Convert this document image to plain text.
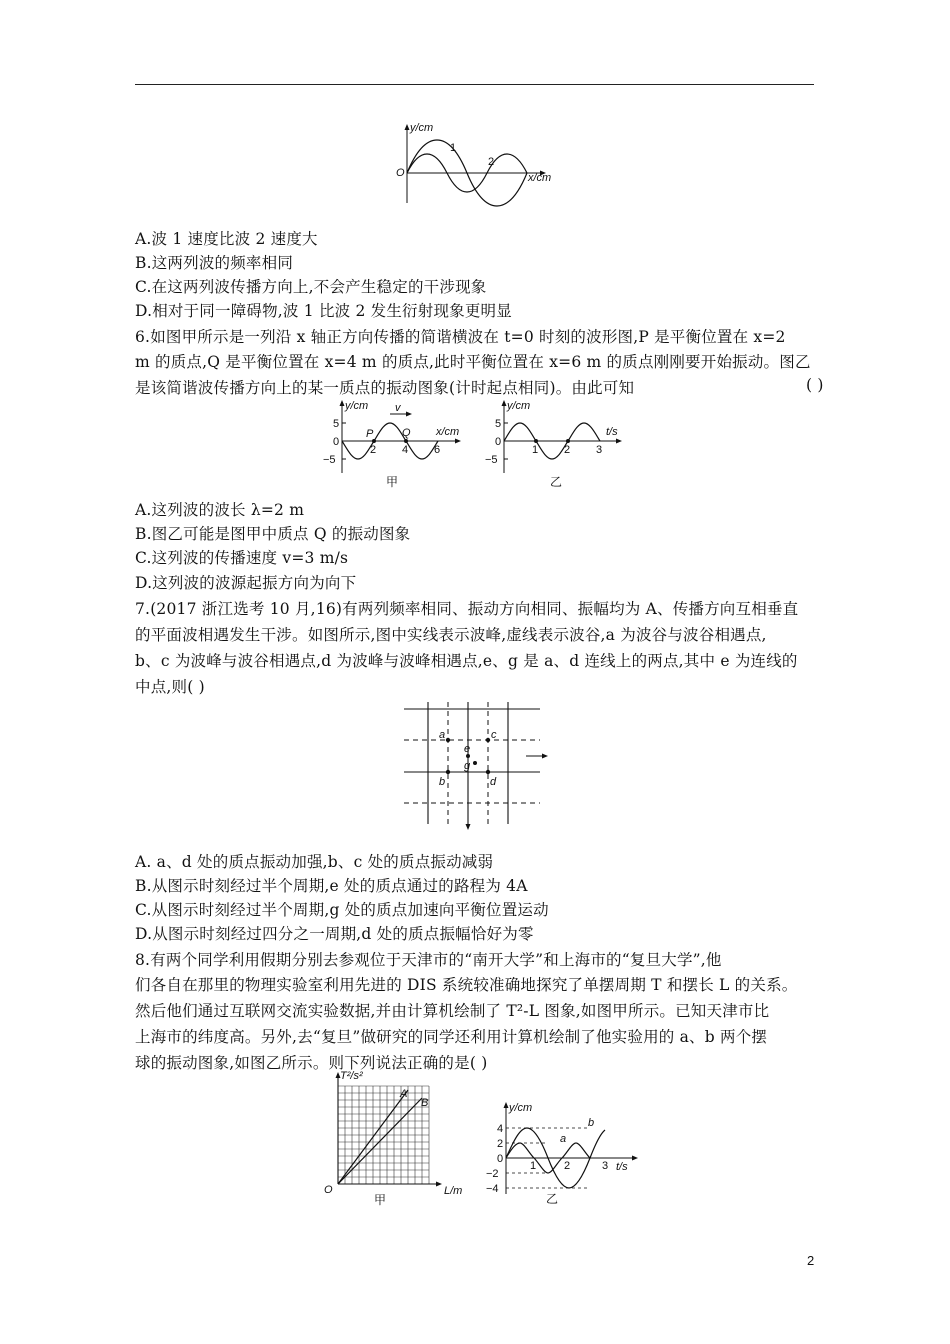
y/cm
x/cm
O
1
2
A.波 1 速度比波 2 速度大
B.这两列波的频率相同
C.在这两列波传播方向上,不会产生稳定的干涉现象
D.相对于同一障碍物,波 1 比波 2 发生衍射现象更明显
6.如图甲所示是一列沿 x 轴正方向传播的简谐横波在 t=0 时刻的波形图,P 是平衡位置在 x=2
m 的质点,Q 是平衡位置在 x=4 m 的质点,此时平衡位置在 x=6 m 的质点刚刚要开始振动。图乙
是该简谐波传播方向上的某一质点的振动图象(计时起点相同)。由此可知	( )
y/cm
x/cm
v
P	Q
5
0
−5
2 4 6
甲
y/cm
t/s
5
0
−5
1 2 3
乙
A.这列波的波长 λ=2 m
B.图乙可能是图甲中质点 Q 的振动图象
C.这列波的传播速度 v=3 m/s
D.这列波的波源起振方向为向下
7.(2017 浙江选考 10 月,16)有两列频率相同、振动方向相同、振幅均为 A、传播方向互相垂直
的平面波相遇发生干涉。如图所示,图中实线表示波峰,虚线表示波谷,a 为波谷与波谷相遇点,
b、c 为波峰与波谷相遇点,d 为波峰与波峰相遇点,e、g 是 a、d 连线上的两点,其中 e 为连线的
中点,则( )
a	c
b	d
e
g
A. a、d 处的质点振动加强,b、c 处的质点振动减弱
B.从图示时刻经过半个周期,e 处的质点通过的路程为 4A
C.从图示时刻经过半个周期,g 处的质点加速向平衡位置运动
D.从图示时刻经过四分之一周期,d 处的质点振幅恰好为零
8.有两个同学利用假期分别去参观位于天津市的“南开大学”和上海市的“复旦大学”,他
们各自在那里的物理实验室利用先进的 DIS 系统较准确地探究了单摆周期 T 和摆长 L 的关系。
然后他们通过互联网交流实验数据,并由计算机绘制了 T²-L 图象,如图甲所示。已知天津市比
上海市的纬度高。另外,去“复旦”做研究的同学还利用计算机绘制了他实验用的 a、b 两个摆
球的振动图象,如图乙所示。则下列说法正确的是( )
T²/s²
L/m
O
A
B
甲
y/cm
t/s
4
2
0
−2
−4
1	2	3
a
b
乙
2
